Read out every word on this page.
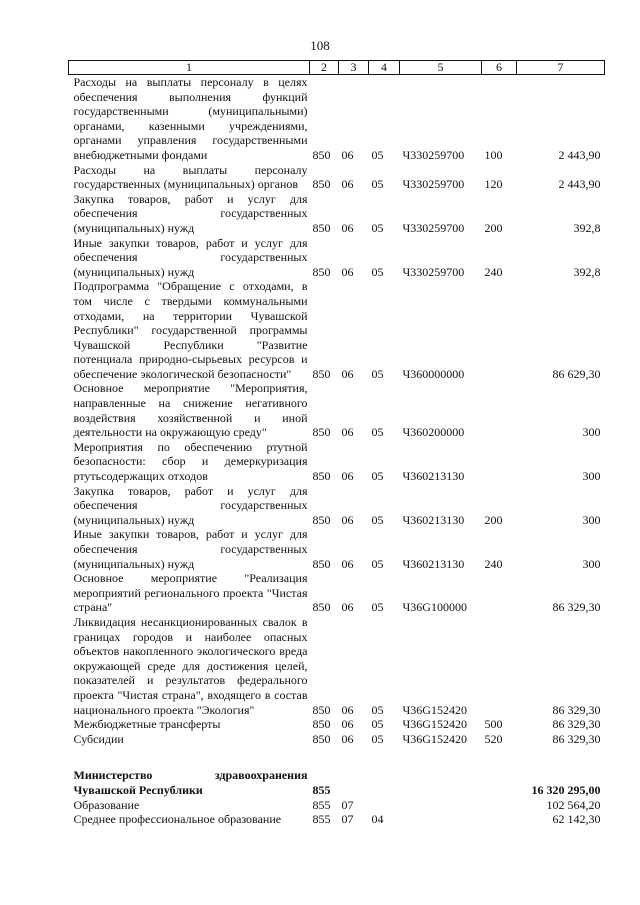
108
1	2	3	4	5	6	7
Расходы на выплаты персоналу в целях обеспечения выполнения функций государственными (муниципальными) органами, казенными учреждениями, органами управления государственными внебюджетными фондами	850	06	05	Ч330259700	100	2 443,90
Расходы на выплаты персоналу государственных (муниципальных) органов	850	06	05	Ч330259700	120	2 443,90
Закупка товаров, работ и услуг для обеспечения государственных (муниципальных) нужд	850	06	05	Ч330259700	200	392,8
Иные закупки товаров, работ и услуг для обеспечения государственных (муниципальных) нужд	850	06	05	Ч330259700	240	392,8
Подпрограмма "Обращение с отходами, в том числе с твердыми коммунальными отходами, на территории Чувашской Республики" государственной программы Чувашской Республики "Развитие потенциала природно-сырьевых ресурсов и обеспечение экологической безопасности"	850	06	05	Ч360000000		86 629,30
Основное мероприятие "Мероприятия, направленные на снижение негативного воздействия хозяйственной и иной деятельности на окружающую среду"	850	06	05	Ч360200000		300
Мероприятия по обеспечению ртутной безопасности: сбор и демеркуризация ртутьсодержащих отходов	850	06	05	Ч360213130		300
Закупка товаров, работ и услуг для обеспечения государственных (муниципальных) нужд	850	06	05	Ч360213130	200	300
Иные закупки товаров, работ и услуг для обеспечения государственных (муниципальных) нужд	850	06	05	Ч360213130	240	300
Основное мероприятие "Реализация мероприятий регионального проекта "Чистая страна"	850	06	05	Ч36G100000		86 329,30
Ликвидация несанкционированных свалок в границах городов и наиболее опасных объектов накопленного экологического вреда окружающей среде для достижения целей, показателей и результатов федерального проекта "Чистая страна", входящего в состав национального проекта "Экология"	850	06	05	Ч36G152420		86 329,30
Межбюджетные трансферты	850	06	05	Ч36G152420	500	86 329,30
Субсидии	850	06	05	Ч36G152420	520	86 329,30

Министерство здравоохранения Чувашской Республики	855					16 320 295,00
Образование	855	07				102 564,20
Среднее профессиональное образование	855	07	04			62 142,30
